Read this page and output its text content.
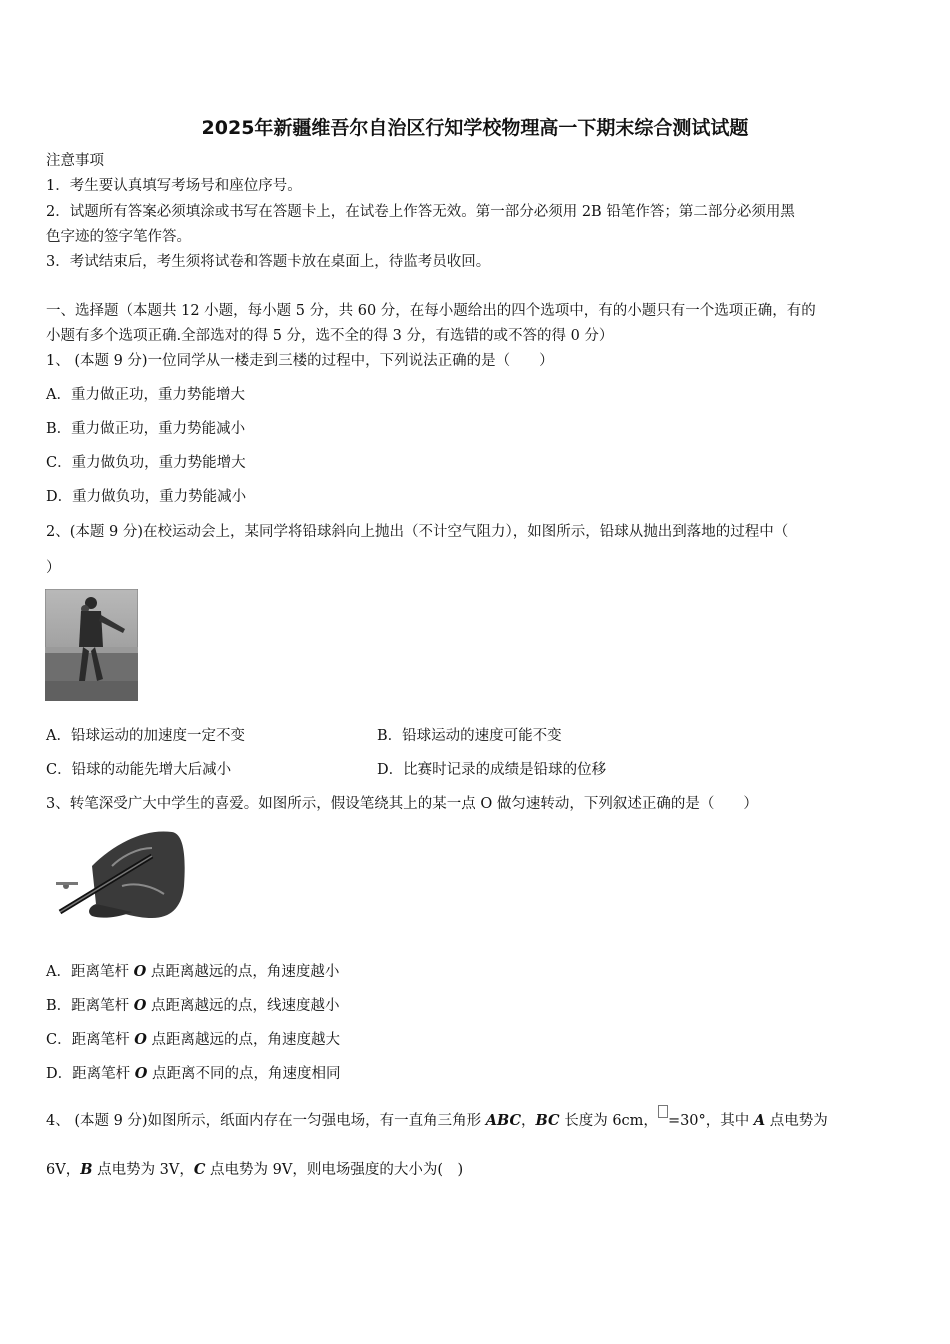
2025年新疆维吾尔自治区行知学校物理高一下期末综合测试试题
注意事项
1．考生要认真填写考场号和座位序号。
2．试题所有答案必须填涂或书写在答题卡上，在试卷上作答无效。第一部分必须用 2B 铅笔作答；第二部分必须用黑
色字迹的签字笔作答。
3．考试结束后，考生须将试卷和答题卡放在桌面上，待监考员收回。
一、选择题（本题共 12 小题，每小题 5 分，共 60 分，在每小题给出的四个选项中，有的小题只有一个选项正确，有的
小题有多个选项正确.全部选对的得 5 分，选不全的得 3 分，有选错的或不答的得 0 分）
1、 (本题 9 分)一位同学从一楼走到三楼的过程中，下列说法正确的是（　　）
A．重力做正功，重力势能增大
B．重力做正功，重力势能减小
C．重力做负功，重力势能增大
D．重力做负功，重力势能减小
2、(本题 9 分)在校运动会上，某同学将铅球斜向上抛出（不计空气阻力），如图所示，铅球从抛出到落地的过程中（
）
A．铅球运动的加速度一定不变	B．铅球运动的速度可能不变
C．铅球的动能先增大后减小	D．比赛时记录的成绩是铅球的位移
3、转笔深受广大中学生的喜爱。如图所示，假设笔绕其上的某一点 O 做匀速转动，下列叙述正确的是（　　）
A．距离笔杆 O 点距离越远的点，角速度越小
B．距离笔杆 O 点距离越远的点，线速度越小
C．距离笔杆 O 点距离越远的点，角速度越大
D．距离笔杆 O 点距离不同的点，角速度相同
4、 (本题 9 分)如图所示，纸面内存在一匀强电场，有一直角三角形 ABC，BC 长度为 6cm， =30°，其中 A 点电势为
6V，B 点电势为 3V，C 点电势为 9V，则电场强度的大小为(　)
